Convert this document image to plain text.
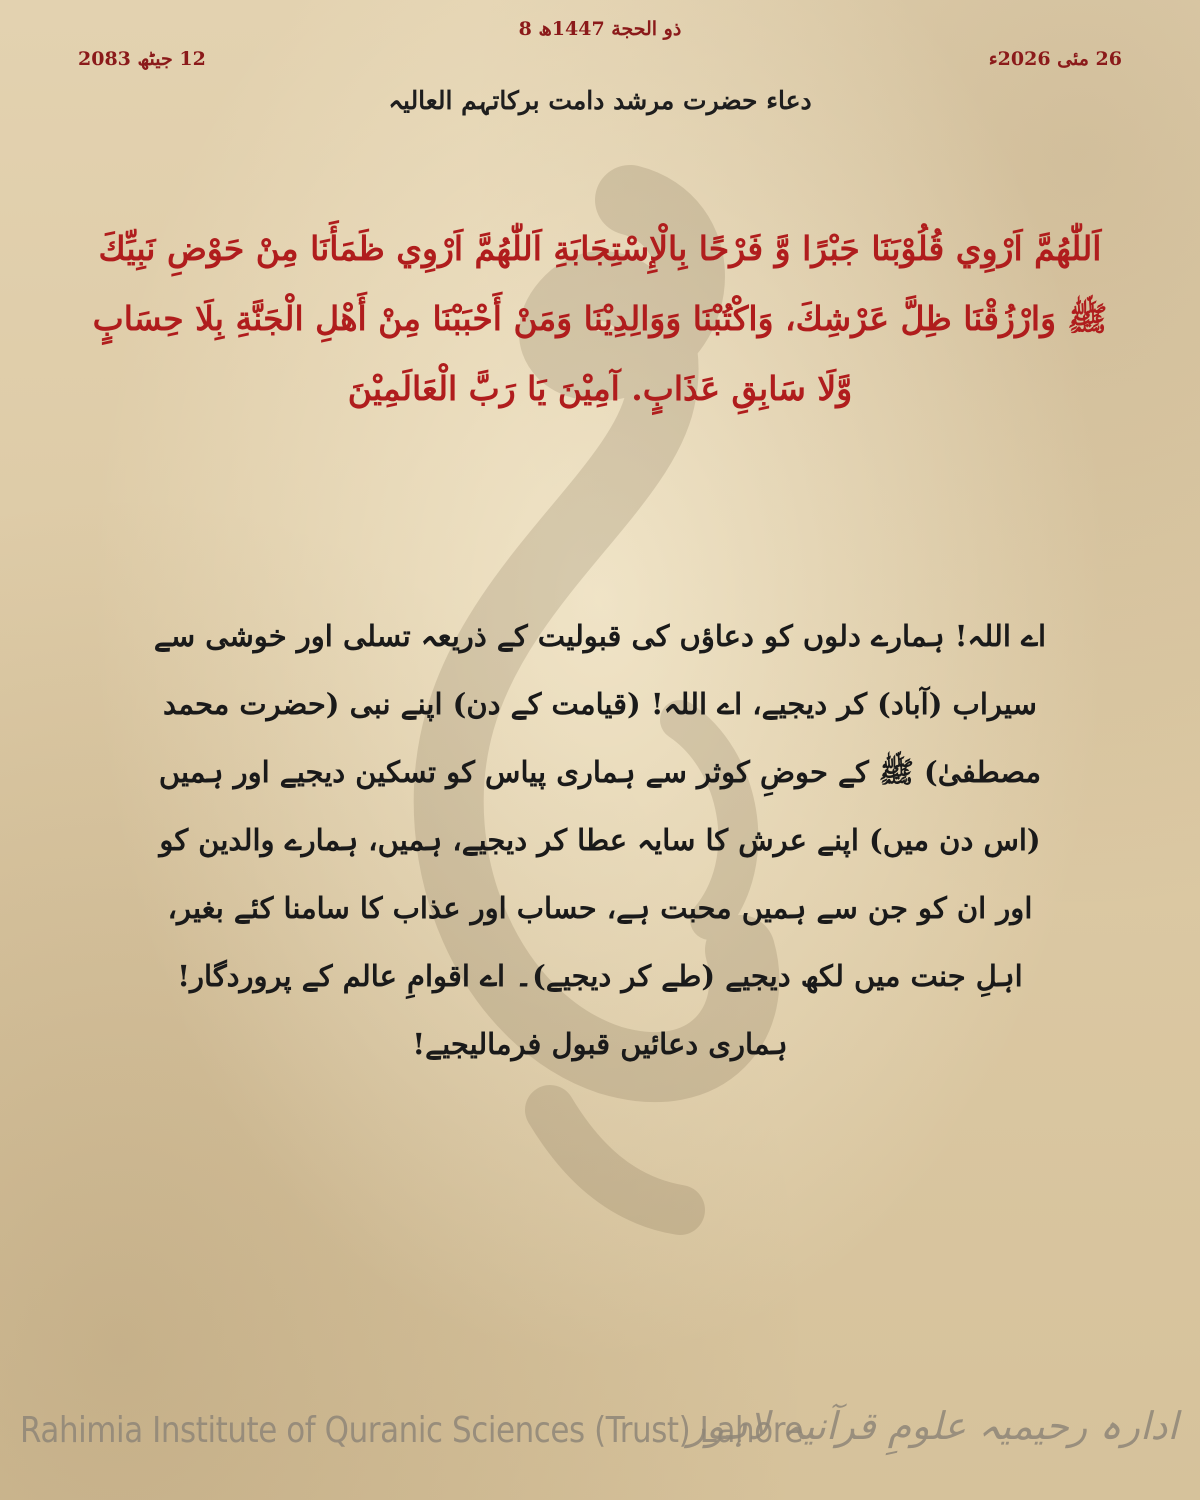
8 ذو الحجة 1447ھ
26 مئی 2026ء
12 جیٹھ 2083
دعاء حضرت مرشد دامت برکاتہم العالیہ
اَللّٰهُمَّ اَرْوِي قُلُوْبَنَا جَبْرًا وَّ فَرْحًا بِالْإِسْتِجَابَةِ اَللّٰهُمَّ اَرْوِي ظَمَأَنَا مِنْ حَوْضِ نَبِيِّكَ ﷺ وَارْزُقْنَا ظِلَّ عَرْشِكَ، وَاكْتُبْنَا وَوَالِدِيْنَا وَمَنْ أَحْبَبْنَا مِنْ أَهْلِ الْجَنَّةِ بِلَا حِسَابٍ وَّلَا سَابِقِ عَذَابٍ. آمِيْنَ يَا رَبَّ الْعَالَمِيْنَ
اے اللہ! ہمارے دلوں کو دعاؤں کی قبولیت کے ذریعہ تسلی اور خوشی سے سیراب (آباد) کر دیجیے، اے اللہ! (قیامت کے دن) اپنے نبی (حضرت محمد مصطفیٰ) ﷺ کے حوضِ کوثر سے ہماری پیاس کو تسکین دیجیے اور ہمیں (اس دن میں) اپنے عرش کا سایہ عطا کر دیجیے، ہمیں، ہمارے والدین کو اور ان کو جن سے ہمیں محبت ہے، حساب اور عذاب کا سامنا کئے بغیر، اہلِ جنت میں لکھ دیجیے (طے کر دیجیے)۔ اے اقوامِ عالم کے پروردگار! ہماری دعائیں قبول فرمالیجیے!
Rahimia Institute of Quranic Sciences (Trust) Lahore
ادارہ رحیمیہ علومِ قرآنیہ لاہور
